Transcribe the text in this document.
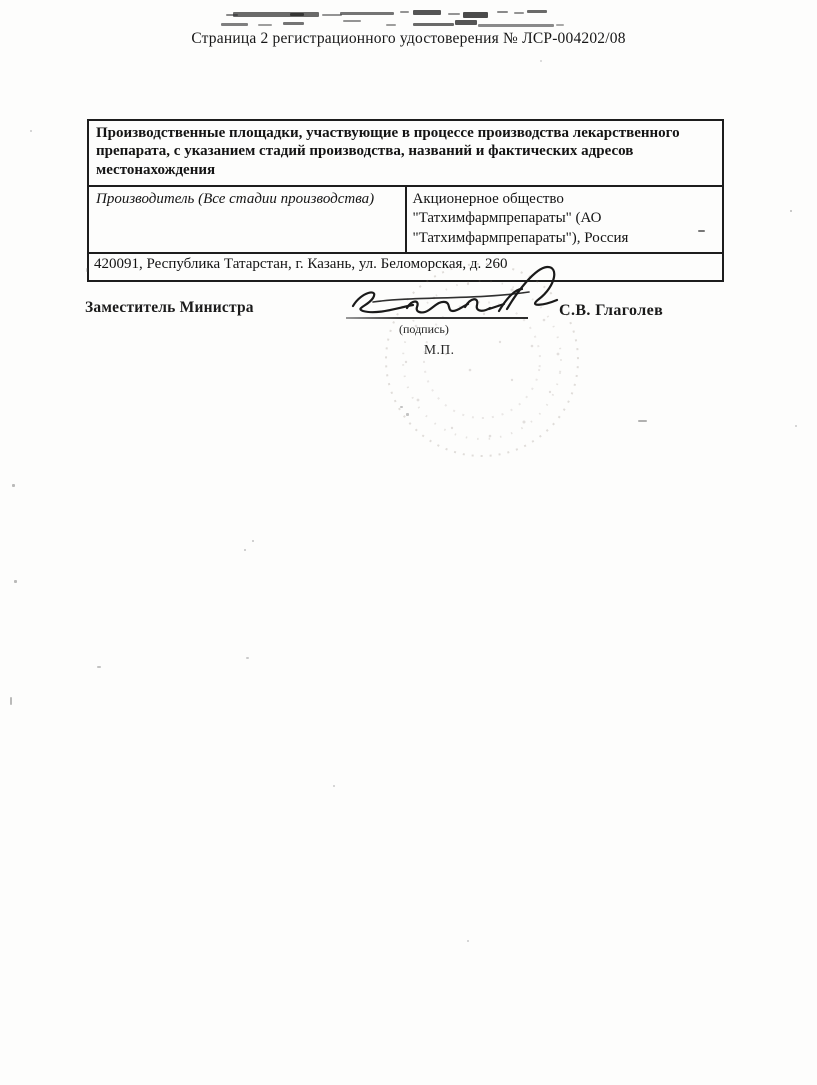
Страница 2 регистрационного удостоверения № ЛСР-004202/08
Производственные площадки, участвующие в процессе производства лекарственного препарата, с указанием стадий производства, названий и фактических адресов местонахождения
Производитель (Все стадии производства)	Акционерное общество "Татхимфармпрепараты" (АО "Татхимфармпрепараты"), Россия
420091, Республика Татарстан, г. Казань, ул. Беломорская, д. 260
Заместитель Министра
(подпись)
М.П.
С.В. Глаголев
